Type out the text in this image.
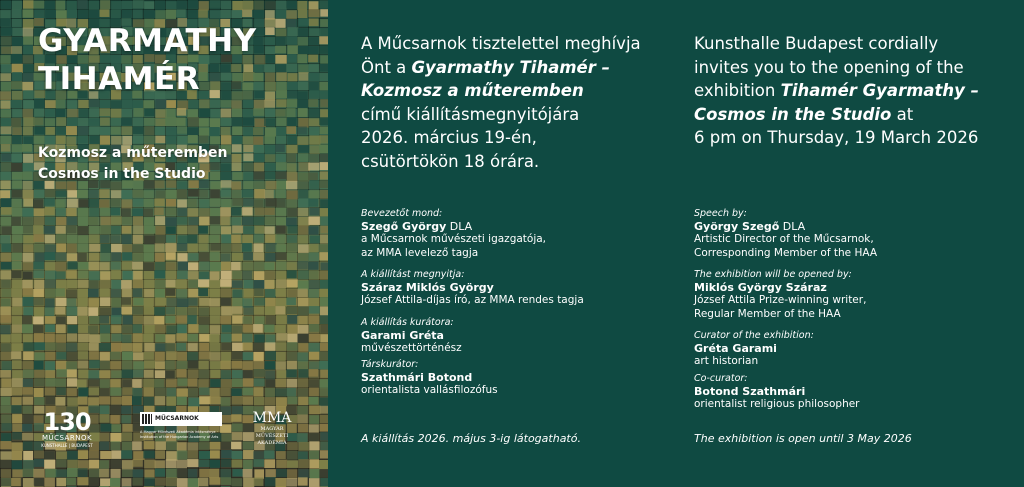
GYARMATHY
TIHAMÉR
Kozmosz a műteremben
Cosmos in the Studio
130
MŰCSARNOK
KUNSTHALLE | BUDAPEST
MŰCSARNOK
A Magyar Művészeti Akadémia intézménye · Institution of the Hungarian Academy of Arts
MMA
MAGYAR MŰVÉSZETI
AKADÉMIA

A Műcsarnok tisztelettel meghívja
Önt a Gyarmathy Tihamér –
Kozmosz a műteremben
című kiállításmegnyitójára
2026. március 19-én,
csütörtökön 18 órára.

Bevezetőt mond:
Szegő György DLA
a Műcsarnok művészeti igazgatója,
az MMA levelező tagja
A kiállítást megnyitja:
Száraz Miklós György
József Attila-díjas író, az MMA rendes tagja
A kiállítás kurátora:
Garami Gréta
művészettörténész
Társkurátor:
Szathmári Botond
orientalista vallásfilozófus
A kiállítás 2026. május 3-ig látogatható.

Kunsthalle Budapest cordially
invites you to the opening of the
exhibition Tihamér Gyarmathy –
Cosmos in the Studio at
6 pm on Thursday, 19 March 2026

Speech by:
György Szegő DLA
Artistic Director of the Műcsarnok,
Corresponding Member of the HAA
The exhibition will be opened by:
Miklós György Száraz
József Attila Prize-winning writer,
Regular Member of the HAA
Curator of the exhibition:
Gréta Garami
art historian
Co-curator:
Botond Szathmári
orientalist religious philosopher
The exhibition is open until 3 May 2026
